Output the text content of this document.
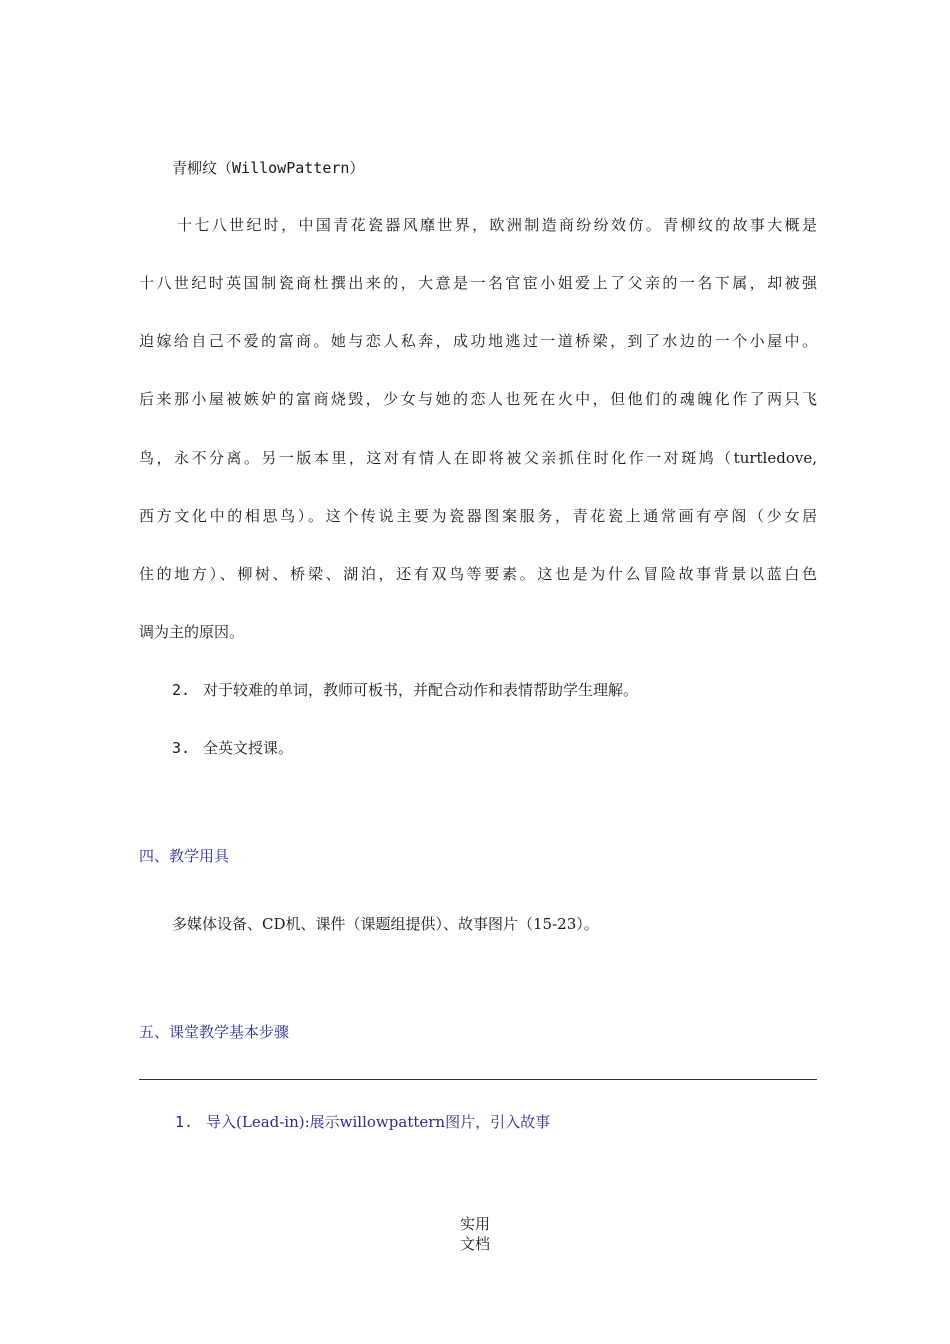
青柳纹（WillowPattern）
十七八世纪时，中国青花瓷器风靡世界，欧洲制造商纷纷效仿。青柳纹的故事大概是
十八世纪时英国制瓷商杜撰出来的，大意是一名官宦小姐爱上了父亲的一名下属，却被强
迫嫁给自己不爱的富商。她与恋人私奔，成功地逃过一道桥梁，到了水边的一个小屋中。
后来那小屋被嫉妒的富商烧毁，少女与她的恋人也死在火中，但他们的魂魄化作了两只飞
鸟，永不分离。另一版本里，这对有情人在即将被父亲抓住时化作一对斑鸠（turtledove,
西方文化中的相思鸟）。这个传说主要为瓷器图案服务，青花瓷上通常画有亭阁（少女居
住的地方）、柳树、桥梁、湖泊，还有双鸟等要素。这也是为什么冒险故事背景以蓝白色
调为主的原因。
2. 对于较难的单词，教师可板书，并配合动作和表情帮助学生理解。
3. 全英文授课。
四、教学用具
多媒体设备、CD机、课件（课题组提供）、故事图片（15-23）。
五、课堂教学基本步骤
1. 导入(Lead-in):展示willowpattern图片，引入故事
实用
文档
